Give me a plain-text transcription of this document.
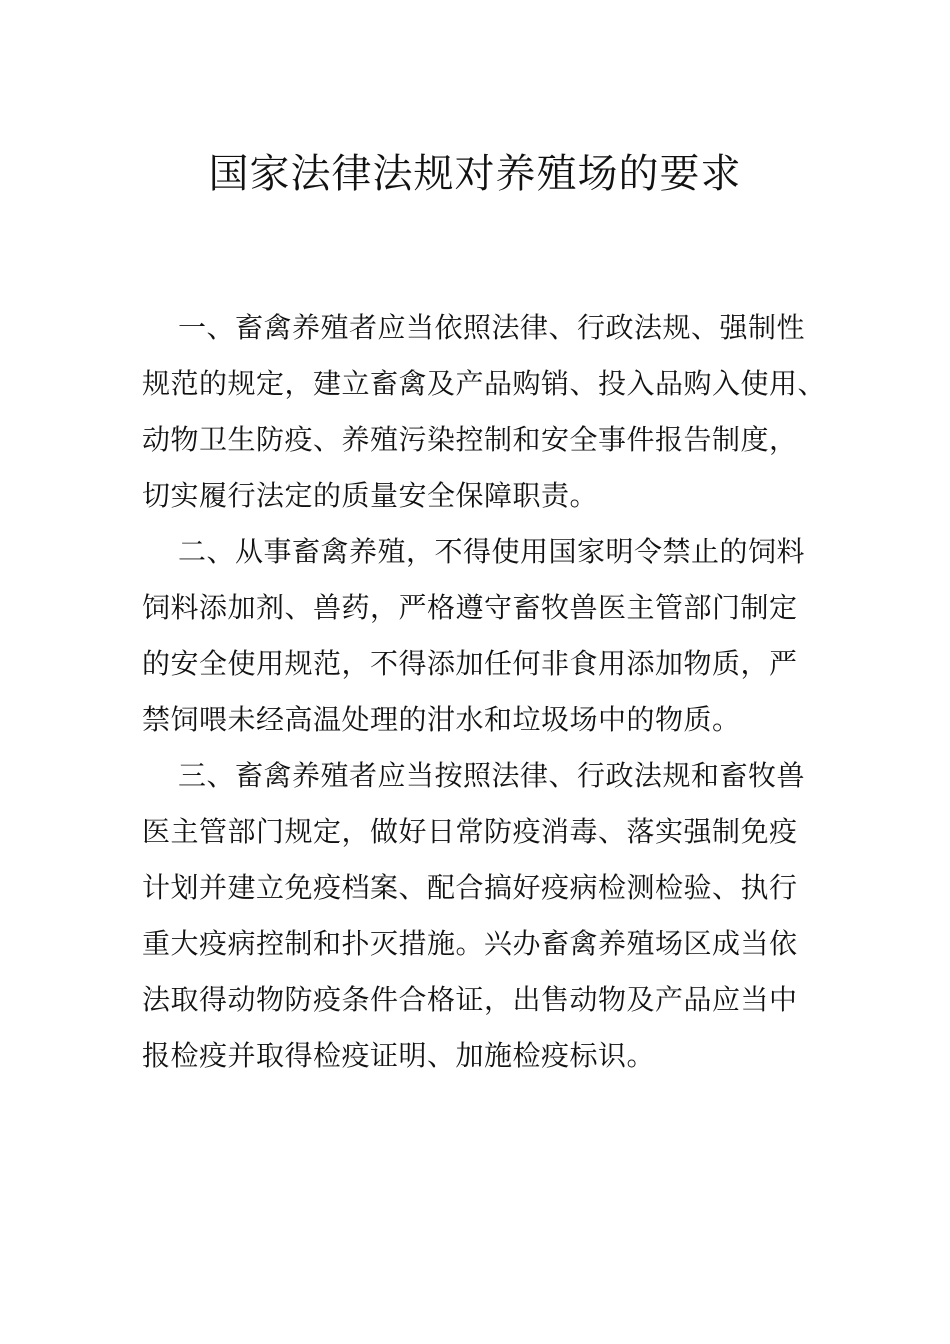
国家法律法规对养殖场的要求

一、畜禽养殖者应当依照法律、行政法规、强制性
规范的规定，建立畜禽及产品购销、投入品购入使用、
动物卫生防疫、养殖污染控制和安全事件报告制度，
切实履行法定的质量安全保障职责。

二、从事畜禽养殖，不得使用国家明令禁止的饲料
饲料添加剂、兽药，严格遵守畜牧兽医主管部门制定
的安全使用规范，不得添加任何非食用添加物质，严
禁饲喂未经高温处理的泔水和垃圾场中的物质。

三、畜禽养殖者应当按照法律、行政法规和畜牧兽
医主管部门规定，做好日常防疫消毒、落实强制免疫
计划并建立免疫档案、配合搞好疫病检测检验、执行
重大疫病控制和扑灭措施。兴办畜禽养殖场区成当依
法取得动物防疫条件合格证，出售动物及产品应当中
报检疫并取得检疫证明、加施检疫标识。
